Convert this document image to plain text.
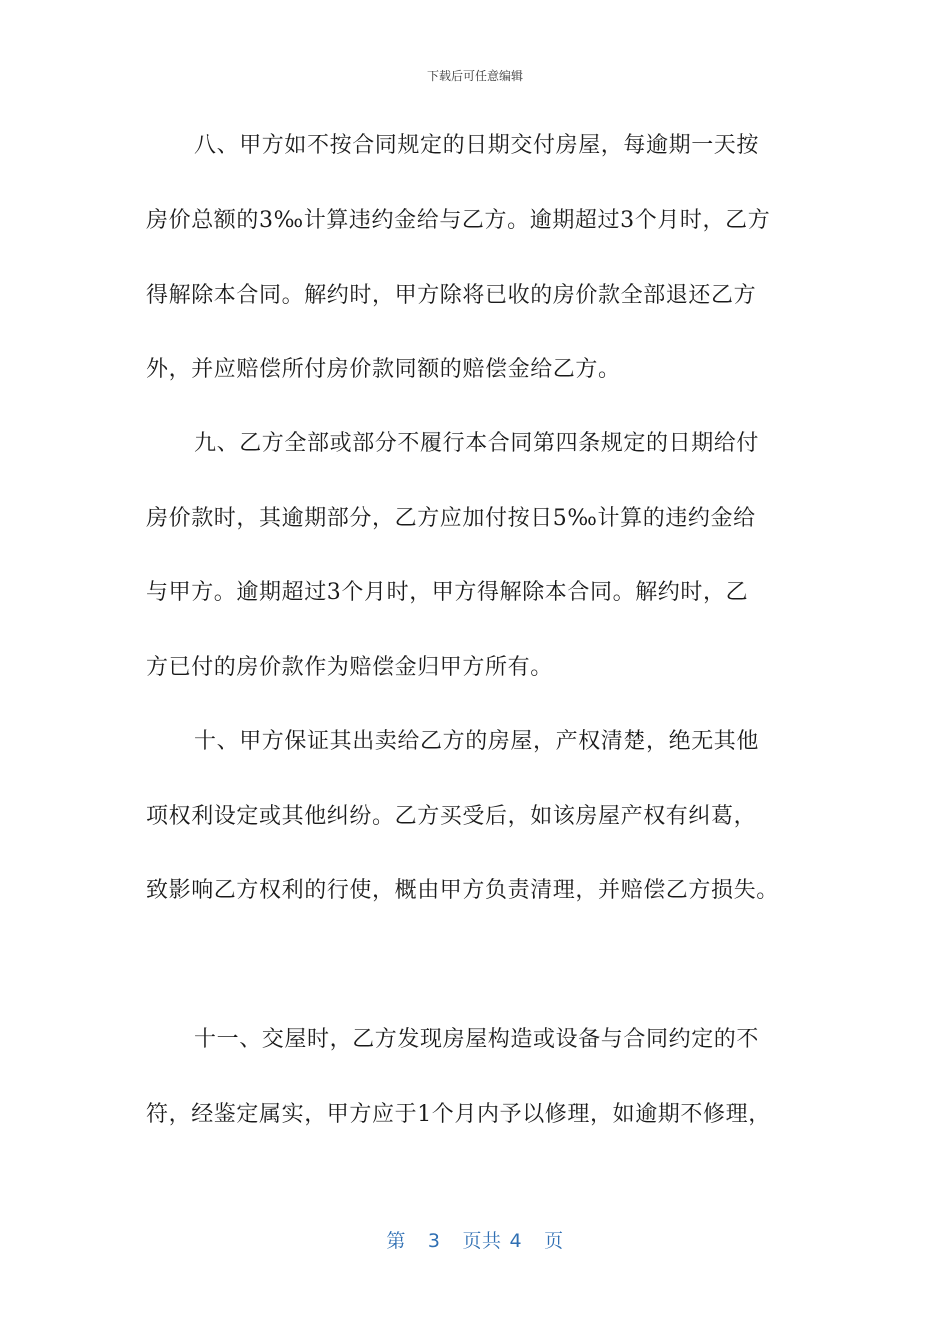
下载后可任意编辑
八、甲方如不按合同规定的日期交付房屋，每逾期一天按
房价总额的3‰计算违约金给与乙方。逾期超过3个月时，乙方
得解除本合同。解约时，甲方除将已收的房价款全部退还乙方
外，并应赔偿所付房价款同额的赔偿金给乙方。
九、乙方全部或部分不履行本合同第四条规定的日期给付
房价款时，其逾期部分，乙方应加付按日5‰计算的违约金给
与甲方。逾期超过3个月时，甲方得解除本合同。解约时，乙
方已付的房价款作为赔偿金归甲方所有。
十、甲方保证其出卖给乙方的房屋，产权清楚，绝无其他
项权利设定或其他纠纷。乙方买受后，如该房屋产权有纠葛，
致影响乙方权利的行使，概由甲方负责清理，并赔偿乙方损失。
十一、交屋时，乙方发现房屋构造或设备与合同约定的不
符，经鉴定属实，甲方应于1个月内予以修理，如逾期不修理，
第 3 页共 4 页
